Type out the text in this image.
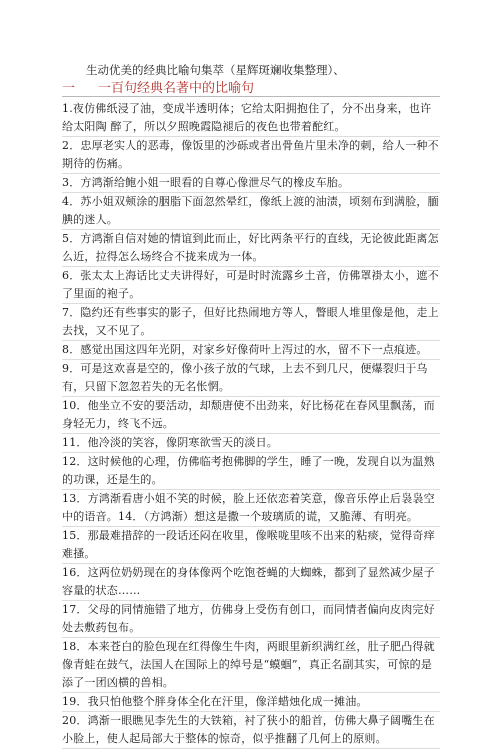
生动优美的经典比喻句集萃（星辉斑斓收集整理）、
一 一百句经典名著中的比喻句
1.夜仿佛纸浸了油，变成半透明体；它给太阳拥抱住了，分不出身来，也许给太阳陶 醉了，所以夕照晚霞隐褪后的夜色也带着酡红。
2．忠厚老实人的恶毒，像饭里的沙砾或者出骨鱼片里未净的刺，给人一种不期待的伤痛。
3．方鸿渐给鲍小姐一眼看的自尊心像泄尽气的橡皮车胎。
4．苏小姐双颊涂的胭脂下面忽然晕红，像纸上渡的油渍，顷刻布到满脸，腼腆的迷人。
5．方鸿渐自信对她的情谊到此而止，好比两条平行的直线，无论彼此距离怎么近，拉得怎么场终合不拢来成为一体。
6．张太太上海话比丈夫讲得好，可是时时流露乡土音，仿佛罩褂太小，遮不了里面的袍子。
7．隐约还有些事实的影子，但好比热闹地方等人，瞥眼人堆里像是他，走上去找，又不见了。
8．感觉出国这四年光阴，对家乡好像荷叶上泻过的水，留不下一点痕迹。
9．可是这欢喜是空的，像小孩子放的气球，上去不到几尺，便爆裂归于乌有，只留下忽忽若失的无名怅惘。
10．他坐立不安的要活动，却颓唐使不出劲来，好比杨花在春风里飘荡，而身轻无力，终飞不远。
11．他冷淡的笑容，像阴寒欲雪天的淡日。
12．这时候他的心理，仿佛临考抱佛脚的学生，睡了一晚，发现自以为温熟的功课，还是生的。
13．方鸿渐看唐小姐不笑的时候，脸上还依恋着笑意，像音乐停止后袅袅空中的语音。14．（方鸿渐）想这是撒一个玻璃质的谎，又脆薄、有明亮。
15．那最难措辞的一段话还闷在收里，像喉咙里咳不出来的粘痰，觉得奇痒难搔。
16．这两位奶奶现在的身体像两个吃饱苍蝇的大蜘蛛，都到了显然减少屋子容量的状态……
17．父母的同情施错了地方，仿佛身上受伤有创口，而同情者偏向皮肉完好处去敷药包布。
18．本来苍白的脸色现在红得像生牛肉，两眼里新织满红丝，肚子肥凸得就像青蛙在鼓气，法国人在国际上的绰号是“蟆蝈”，真正名副其实，可惊的是添了一团凶横的兽相。
19．我只怕他整个胖身体全化在汗里，像洋蜡烛化成一摊油。
20．鸿渐一眼瞧见李先生的大铁箱，衬了狭小的船首，仿佛大鼻子阔嘴生在小脸上，使人起局部大于整体的惊奇，似乎推翻了几何上的原则。
